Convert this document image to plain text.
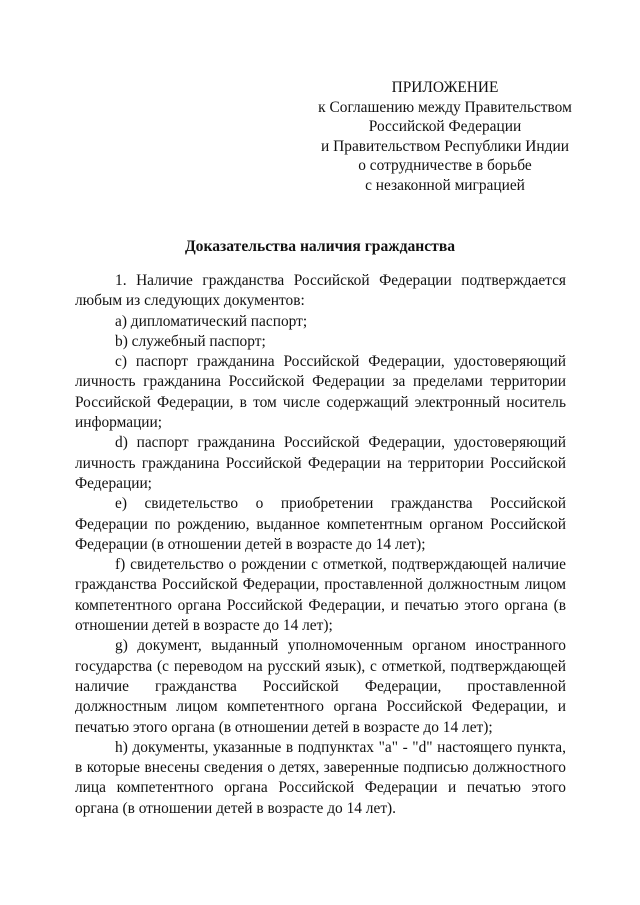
ПРИЛОЖЕНИЕ
к Соглашению между Правительством
Российской Федерации
и Правительством Республики Индии
о сотрудничестве в борьбе
с незаконной миграцией
Доказательства наличия гражданства

1. Наличие гражданства Российской Федерации подтверждается любым из следующих документов:

a) дипломатический паспорт;

b) служебный паспорт;

c) паспорт гражданина Российской Федерации, удостоверяющий личность гражданина Российской Федерации за пределами территории Российской Федерации, в том числе содержащий электронный носитель информации;

d) паспорт гражданина Российской Федерации, удостоверяющий личность гражданина Российской Федерации на территории Российской Федерации;

e) свидетельство о приобретении гражданства Российской Федерации по рождению, выданное компетентным органом Российской Федерации (в отношении детей в возрасте до 14 лет);

f) свидетельство о рождении с отметкой, подтверждающей наличие гражданства Российской Федерации, проставленной должностным лицом компетентного органа Российской Федерации, и печатью этого органа (в отношении детей в возрасте до 14 лет);

g) документ, выданный уполномоченным органом иностранного государства (с переводом на русский язык), с отметкой, подтверждающей наличие гражданства Российской Федерации, проставленной должностным лицом компетентного органа Российской Федерации, и печатью этого органа (в отношении детей в возрасте до 14 лет);

h) документы, указанные в подпунктах "a" - "d" настоящего пункта, в которые внесены сведения о детях, заверенные подписью должностного лица компетентного органа Российской Федерации и печатью этого органа (в отношении детей в возрасте до 14 лет).
